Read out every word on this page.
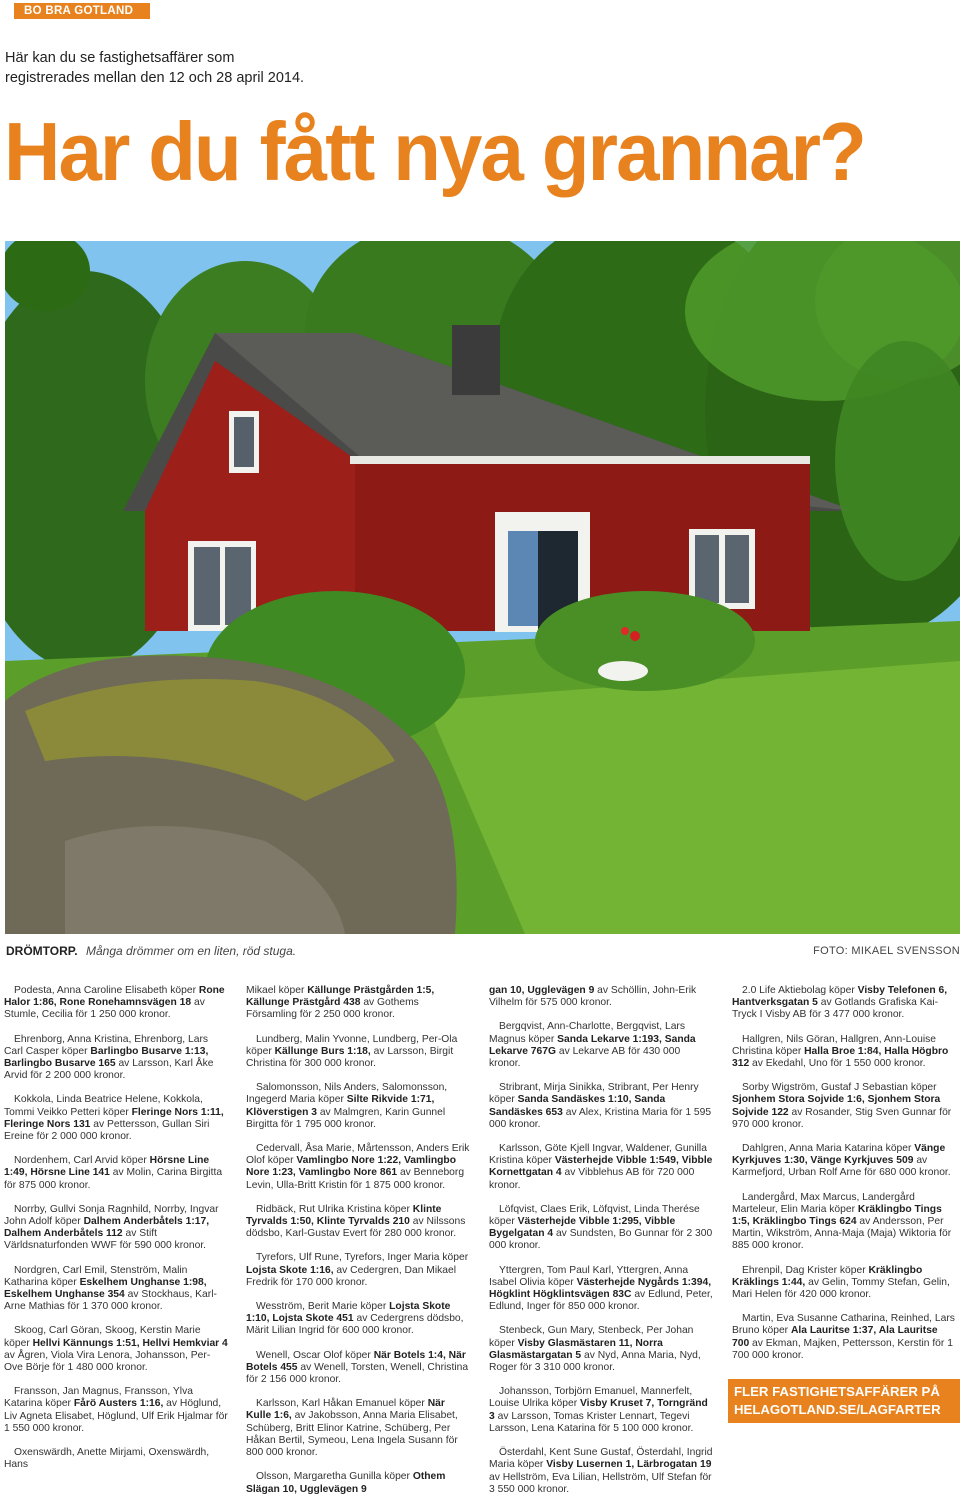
BO BRA GOTLAND

Här kan du se fastighetsaffärer som
registrerades mellan den 12 och 28 april 2014.

Har du fått nya grannar?
DRÖMTORP. Många drömmer om en liten, röd stuga.	FOTO: MIKAEL SVENSSON

Podesta, Anna Caroline Elisabeth köper Rone Halor 1:86, Rone Ronehamnsvägen 18 av Stumle, Cecilia för 1 250 000 kronor.

Ehrenborg, Anna Kristina, Ehrenborg, Lars Carl Casper köper Barlingbo Busarve 1:13, Barlingbo Busarve 165 av Larsson, Karl Åke Arvid för 2 200 000 kronor.

Kokkola, Linda Beatrice Helene, Kokkola, Tommi Veikko Petteri köper Fleringe Nors 1:11, Fleringe Nors 131 av Pettersson, Gullan Siri Ereine för 2 000 000 kronor.

Nordenhem, Carl Arvid köper Hörsne Line 1:49, Hörsne Line 141 av Molin, Carina Birgitta för 875 000 kronor.

Norrby, Gullvi Sonja Ragnhild, Norrby, Ingvar John Adolf köper Dalhem Anderbåtels 1:17, Dalhem Anderbåtels 112 av Stift Världsnaturfonden WWF för 590 000 kronor.

Nordgren, Carl Emil, Stenström, Malin Katharina köper Eskelhem Unghanse 1:98, Eskelhem Unghanse 354 av Stockhaus, Karl-Arne Mathias för 1 370 000 kronor.

Skoog, Carl Göran, Skoog, Kerstin Marie köper Hellvi Kännungs 1:51, Hellvi Hemkviar 4 av Ågren, Viola Vira Lenora, Johansson, Per-Ove Börje för 1 480 000 kronor.

Fransson, Jan Magnus, Fransson, Ylva Katarina köper Fårö Austers 1:16, av Höglund, Liv Agneta Elisabet, Höglund, Ulf Erik Hjalmar för 1 550 000 kronor.

Oxenswärdh, Anette Mirjami, Oxenswärdh, Hans

Mikael köper Källunge Prästgården 1:5, Källunge Prästgård 438 av Gothems Församling för 2 250 000 kronor.

Lundberg, Malin Yvonne, Lundberg, Per-Ola köper Källunge Burs 1:18, av Larsson, Birgit Christina för 300 000 kronor.

Salomonsson, Nils Anders, Salomonsson, Ingegerd Maria köper Silte Rikvide 1:71, Klöverstigen 3 av Malmgren, Karin Gunnel Birgitta för 1 795 000 kronor.

Cedervall, Åsa Marie, Mårtensson, Anders Erik Olof köper Vamlingbo Nore 1:22, Vamlingbo Nore 1:23, Vamlingbo Nore 861 av Benneborg Levin, Ulla-Britt Kristin för 1 875 000 kronor.

Ridbäck, Rut Ulrika Kristina köper Klinte Tyrvalds 1:50, Klinte Tyrvalds 210 av Nilssons dödsbo, Karl-Gustav Evert för 280 000 kronor.

Tyrefors, Ulf Rune, Tyrefors, Inger Maria köper Lojsta Skote 1:16, av Cedergren, Dan Mikael Fredrik för 170 000 kronor.

Wesström, Berit Marie köper Lojsta Skote 1:10, Lojsta Skote 451 av Cedergrens dödsbo, Märit Lilian Ingrid för 600 000 kronor.

Wenell, Oscar Olof köper När Botels 1:4, När Botels 455 av Wenell, Torsten, Wenell, Christina för 2 156 000 kronor.

Karlsson, Karl Håkan Emanuel köper När Kulle 1:6, av Jakobsson, Anna Maria Elisabet, Schüberg, Britt Elinor Katrine, Schüberg, Per Håkan Bertil, Symeou, Lena Ingela Susann för 800 000 kronor.

Olsson, Margaretha Gunilla köper Othem Slägan 10, Ugglevägen 9

gan 10, Ugglevägen 9 av Schöllin, John-Erik Vilhelm för 575 000 kronor.

Bergqvist, Ann-Charlotte, Bergqvist, Lars Magnus köper Sanda Lekarve 1:193, Sanda Lekarve 767G av Lekarve AB för 430 000 kronor.

Stribrant, Mirja Sinikka, Stribrant, Per Henry köper Sanda Sandäskes 1:10, Sanda Sandäskes 653 av Alex, Kristina Maria för 1 595 000 kronor.

Karlsson, Göte Kjell Ingvar, Waldener, Gunilla Kristina köper Västerhejde Vibble 1:549, Vibble Kornettgatan 4 av Vibblehus AB för 720 000 kronor.

Löfqvist, Claes Erik, Löfqvist, Linda Therése köper Västerhejde Vibble 1:295, Vibble Bygelgatan 4 av Sundsten, Bo Gunnar för 2 300 000 kronor.

Yttergren, Tom Paul Karl, Yttergren, Anna Isabel Olivia köper Västerhejde Nygårds 1:394, Högklint Högklintsvägen 83C av Edlund, Peter, Edlund, Inger för 850 000 kronor.

Stenbeck, Gun Mary, Stenbeck, Per Johan köper Visby Glasmästaren 11, Norra Glasmästargatan 5 av Nyd, Anna Maria, Nyd, Roger för 3 310 000 kronor.

Johansson, Torbjörn Emanuel, Mannerfelt, Louise Ulrika köper Visby Kruset 7, Torngränd 3 av Larsson, Tomas Krister Lennart, Tegevi Larsson, Lena Katarina för 5 100 000 kronor.

Österdahl, Kent Sune Gustaf, Österdahl, Ingrid Maria köper Visby Lusernen 1, Lärbrogatan 19 av Hellström, Eva Lilian, Hellström, Ulf Stefan för 3 550 000 kronor.

2.0 Life Aktiebolag köper Visby Telefonen 6, Hantverksgatan 5 av Gotlands Grafiska Kai-Tryck I Visby AB för 3 477 000 kronor.

Hallgren, Nils Göran, Hallgren, Ann-Louise Christina köper Halla Broe 1:84, Halla Högbro 312 av Ekedahl, Uno för 1 550 000 kronor.

Sorby Wigström, Gustaf J Sebastian köper Sjonhem Stora Sojvide 1:6, Sjonhem Stora Sojvide 122 av Rosander, Stig Sven Gunnar för 970 000 kronor.

Dahlgren, Anna Maria Katarina köper Vänge Kyrkjuves 1:30, Vänge Kyrkjuves 509 av Karmefjord, Urban Rolf Arne för 680 000 kronor.

Landergård, Max Marcus, Landergård Marteleur, Elin Maria köper Kräklingbo Tings 1:5, Kräklingbo Tings 624 av Andersson, Per Martin, Wikström, Anna-Maja (Maja) Wiktoria för 885 000 kronor.

Ehrenpil, Dag Krister köper Kräklingbo Kräklings 1:44, av Gelin, Tommy Stefan, Gelin, Mari Helen för 420 000 kronor.

Martin, Eva Susanne Catharina, Reinhed, Lars Bruno köper Ala Lauritse 1:37, Ala Lauritse 700 av Ekman, Majken, Pettersson, Kerstin för 1 700 000 kronor.

FLER FASTIGHETSAFFÄRER PÅ
HELAGOTLAND.SE/LAGFARTER
